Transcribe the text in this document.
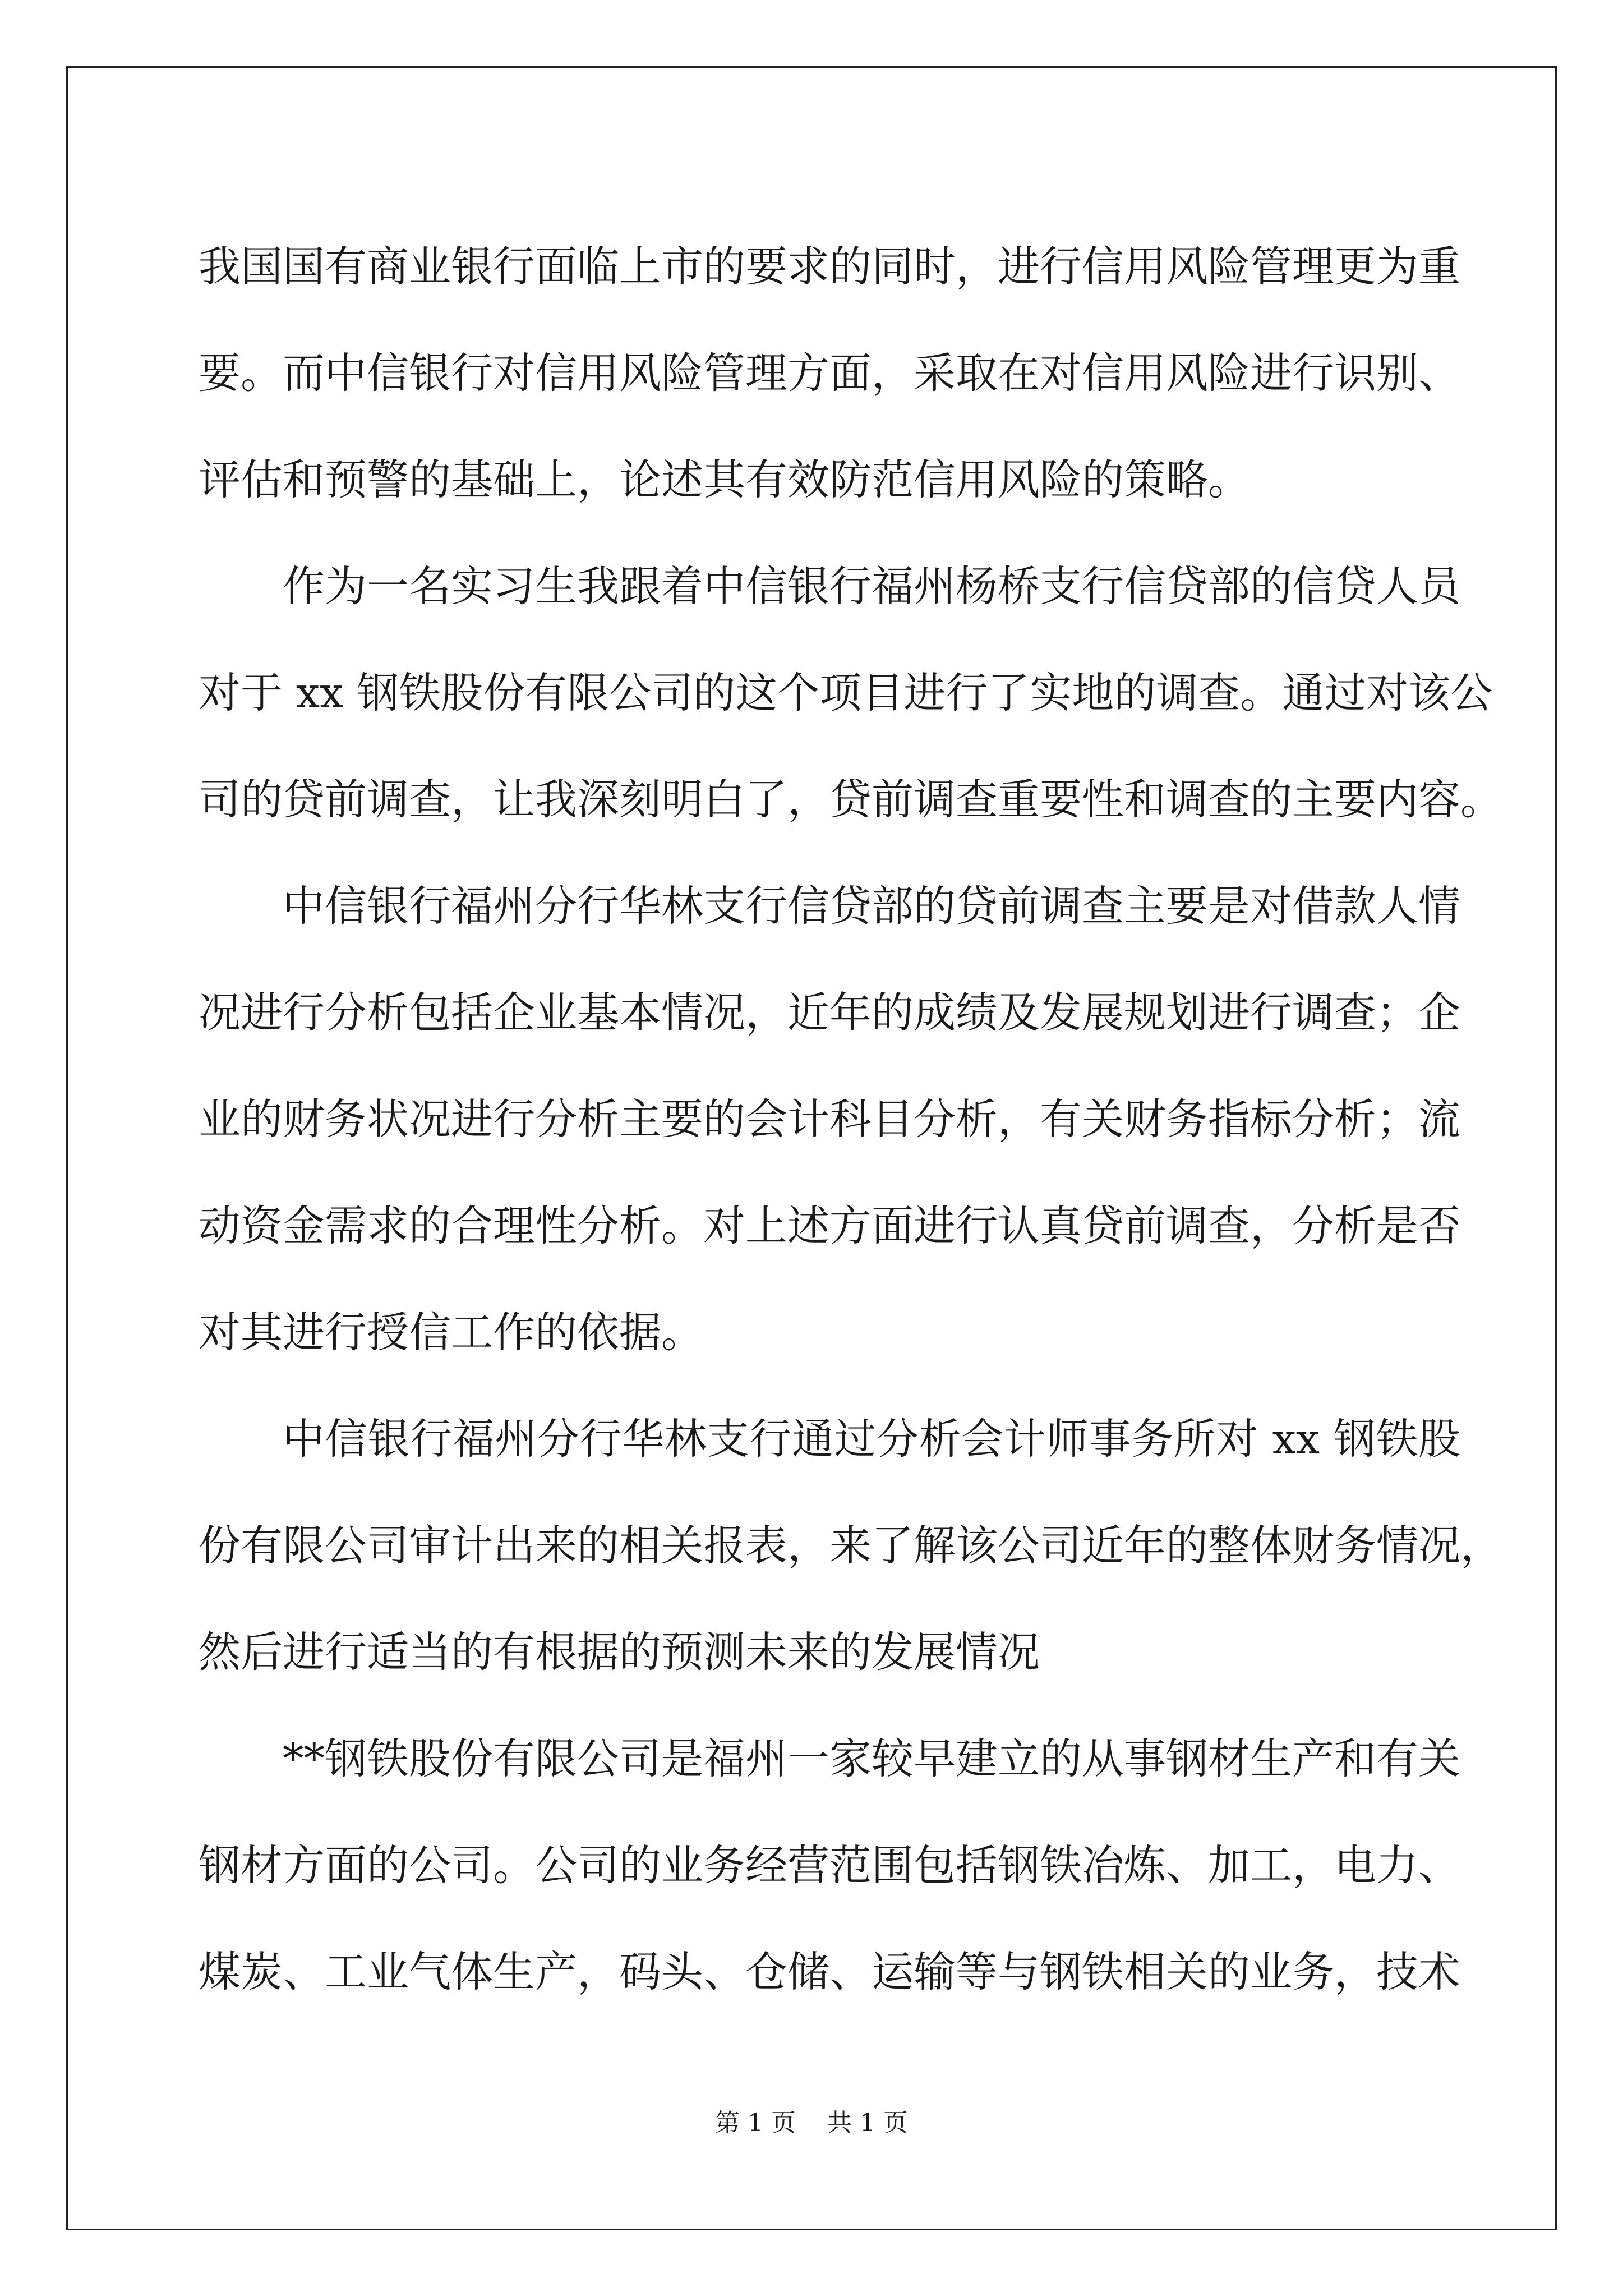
我国国有商业银行面临上市的要求的同时，进行信用风险管理更为重
要。而中信银行对信用风险管理方面，采取在对信用风险进行识别、
评估和预警的基础上，论述其有效防范信用风险的策略。
作为一名实习生我跟着中信银行福州杨桥支行信贷部的信贷人员
对于 xx 钢铁股份有限公司的这个项目进行了实地的调查。通过对该公
司的贷前调查，让我深刻明白了，贷前调查重要性和调查的主要内容。
中信银行福州分行华林支行信贷部的贷前调查主要是对借款人情
况进行分析包括企业基本情况，近年的成绩及发展规划进行调查；企
业的财务状况进行分析主要的会计科目分析，有关财务指标分析；流
动资金需求的合理性分析。对上述方面进行认真贷前调查，分析是否
对其进行授信工作的依据。
中信银行福州分行华林支行通过分析会计师事务所对 xx 钢铁股
份有限公司审计出来的相关报表，来了解该公司近年的整体财务情况，
然后进行适当的有根据的预测未来的发展情况
**钢铁股份有限公司是福州一家较早建立的从事钢材生产和有关
钢材方面的公司。公司的业务经营范围包括钢铁冶炼、加工，电力、
煤炭、工业气体生产，码头、仓储、运输等与钢铁相关的业务，技术
第 1 页    共 1 页
